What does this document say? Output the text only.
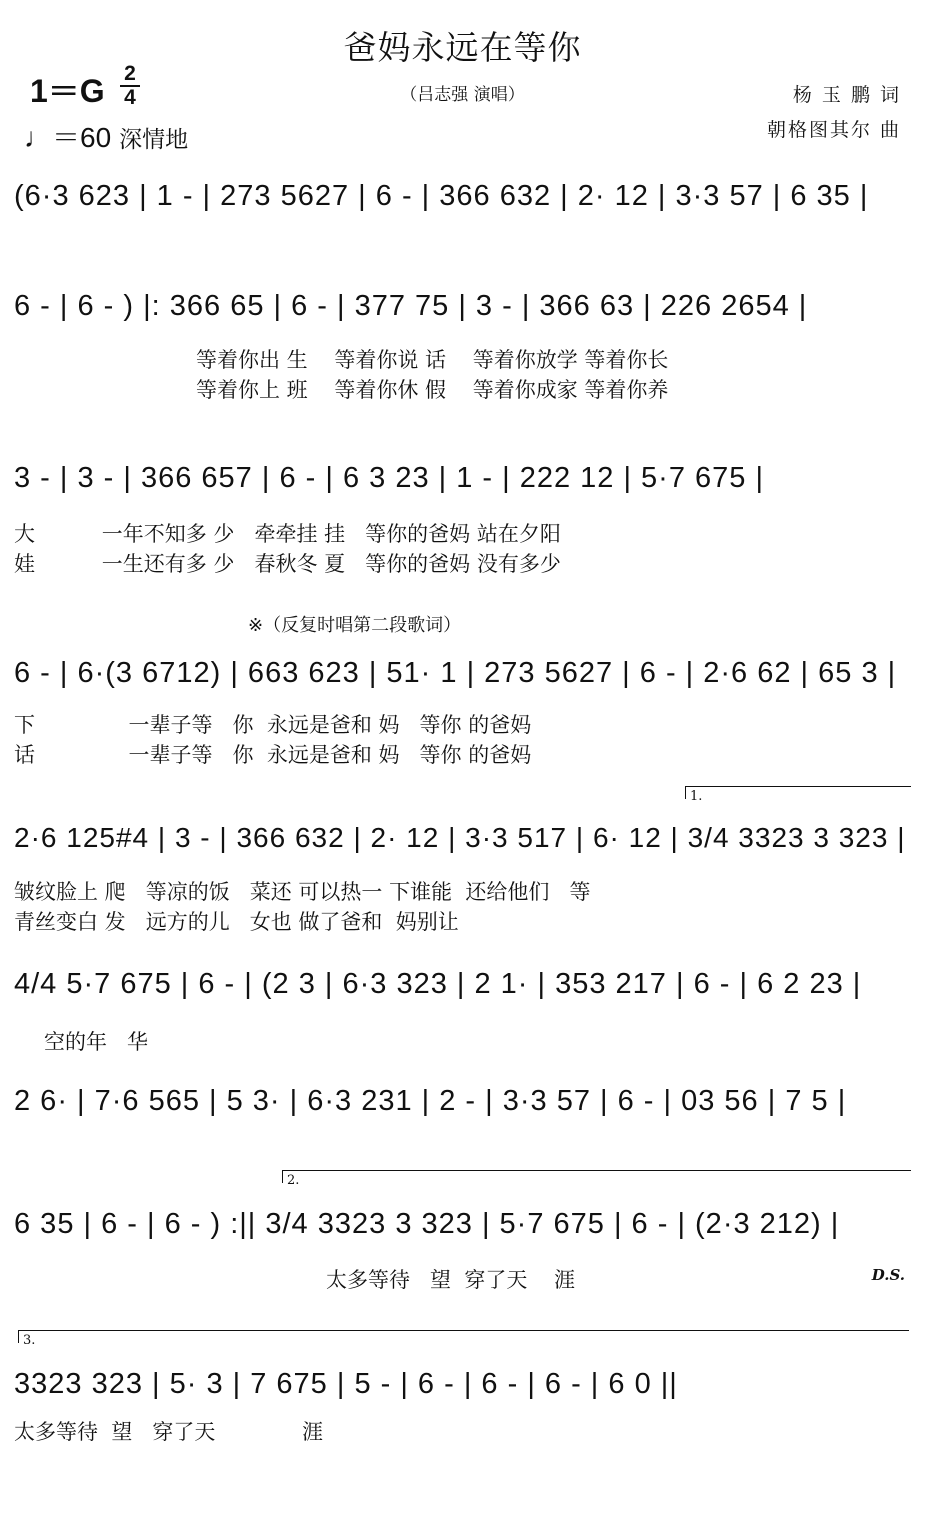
爸妈永远在等你
（吕志强 演唱）	杨 玉 鹏 词
朝格图其尔 曲
1＝G 2
4
♩＝60 深情地
(6·3 623 | 1 - | 273 5627 | 6 - | 366 632 | 2· 12 | 3·3 57 | 6 35 |
6 - | 6 - ) |: 366 65 | 6 - | 377 75 | 3 - | 366 63 | 226 2654 |
等着你出 生    等着你说 话    等着你放学 等着你长
等着你上 班    等着你休 假    等着你成家 等着你养
3 - | 3 - | 366 657 | 6 - | 6 3 23 | 1 - | 222 12 | 5·7 675 |
大          一年不知多 少   牵牵挂 挂   等你的爸妈 站在夕阳
娃          一生还有多 少   春秋冬 夏   等你的爸妈 没有多少
※（反复时唱第二段歌词）
6 - | 6·(3 6712) | 663 623 | 51· 1 | 273 5627 | 6 - | 2·6 62 | 65 3 |
下              一辈子等   你  永远是爸和 妈   等你 的爸妈
话              一辈子等   你  永远是爸和 妈   等你 的爸妈
1.
2·6 125#4 | 3 - | 366 632 | 2· 12 | 3·3 517 | 6· 12 | 3/4 3323 3 323 |
皱纹脸上 爬   等凉的饭   菜还 可以热一 下谁能  还给他们   等
青丝变白 发   远方的儿   女也 做了爸和  妈别让
4/4 5·7 675 | 6 - | (2 3 | 6·3 323 | 2 1· | 353 217 | 6 - | 6 2 23 |
空的年   华
2 6· | 7·6 565 | 5 3· | 6·3 231 | 2 - | 3·3 57 | 6 - | 03 56 | 7 5 |
2.
6 35 | 6 - | 6 - ) :|| 3/4 3323 3 323 | 5·7 675 | 6 - | (2·3 212) |
太多等待   望  穿了天    涯	D.S.
3.
3323 323 | 5· 3 | 7 675 | 5 - | 6 - | 6 - | 6 - | 6 0 ||
太多等待  望   穿了天             涯
